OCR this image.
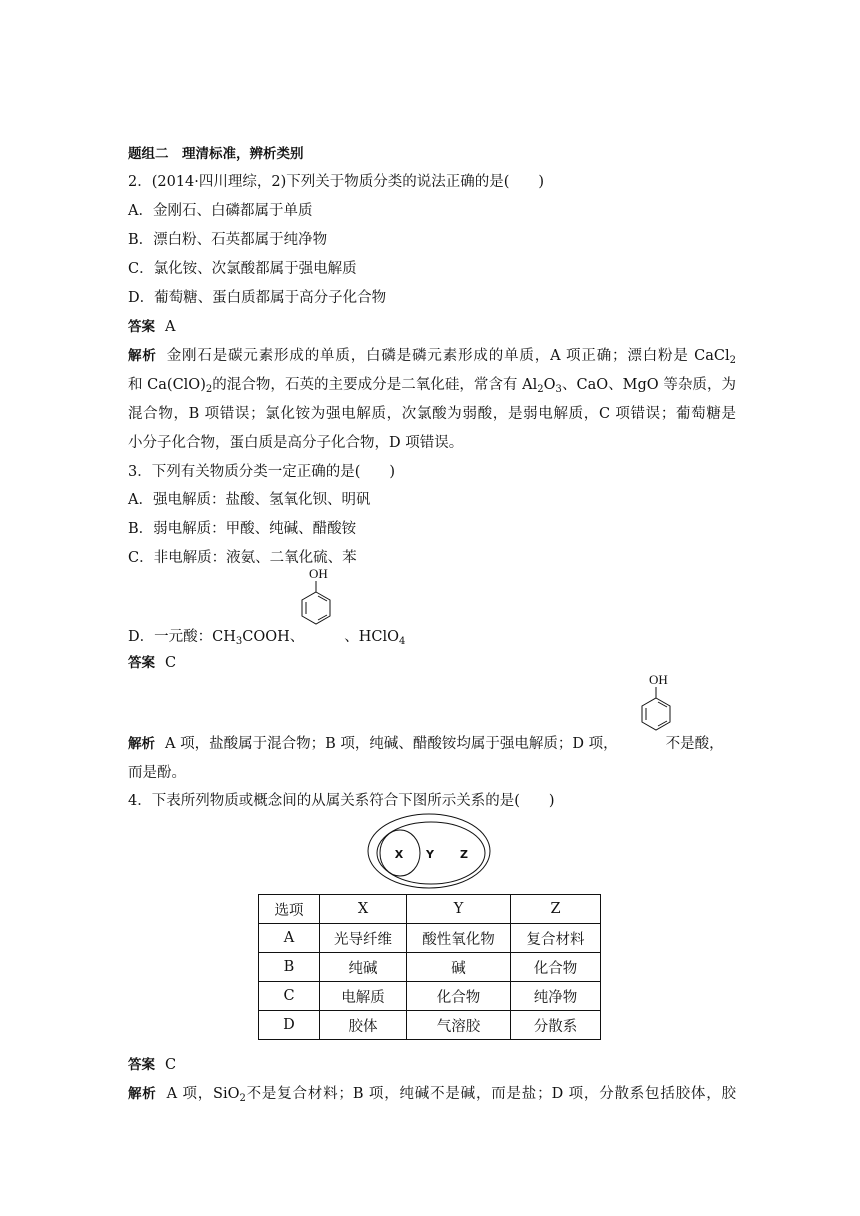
题组二　理清标准，辨析类别
2．(2014·四川理综，2)下列关于物质分类的说法正确的是(　　)
A．金刚石、白磷都属于单质
B．漂白粉、石英都属于纯净物
C．氯化铵、次氯酸都属于强电解质
D．葡萄糖、蛋白质都属于高分子化合物
答案 A
解析 金刚石是碳元素形成的单质，白磷是磷元素形成的单质，A 项正确；漂白粉是 CaCl$_2$
和 $Ca(ClO)_2$的混合物，石英的主要成分是二氧化硅，常含有 $Al_2O_3$、CaO、MgO 等杂质，为
混合物，B 项错误；氯化铵为强电解质，次氯酸为弱酸，是弱电解质，C 项错误；葡萄糖是
小分子化合物，蛋白质是高分子化合物，D 项错误。
3．下列有关物质分类一定正确的是(　　)
A．强电解质：盐酸、氢氧化钡、明矾
B．弱电解质：甲酸、纯碱、醋酸铵
C．非电解质：液氨、二氧化硫、苯
D．一元酸：$CH_3COOH$、	、HClO$_4$
OH
答案 C
解析 A 项，盐酸属于混合物；B 项，纯碱、醋酸铵均属于强电解质；D 项，	不是酸，
OH
而是酚。
4．下表所列物质或概念间的从属关系符合下图所示关系的是(　　)
X Y Z
选项	X	Y	Z
A	光导纤维	酸性氧化物	复合材料
B	纯碱	碱	化合物
C	电解质	化合物	纯净物
D	胶体	气溶胶	分散系
答案 C
解析 A 项，SiO$_2$不是复合材料；B 项，纯碱不是碱，而是盐；D 项，分散系包括胶体，胶
